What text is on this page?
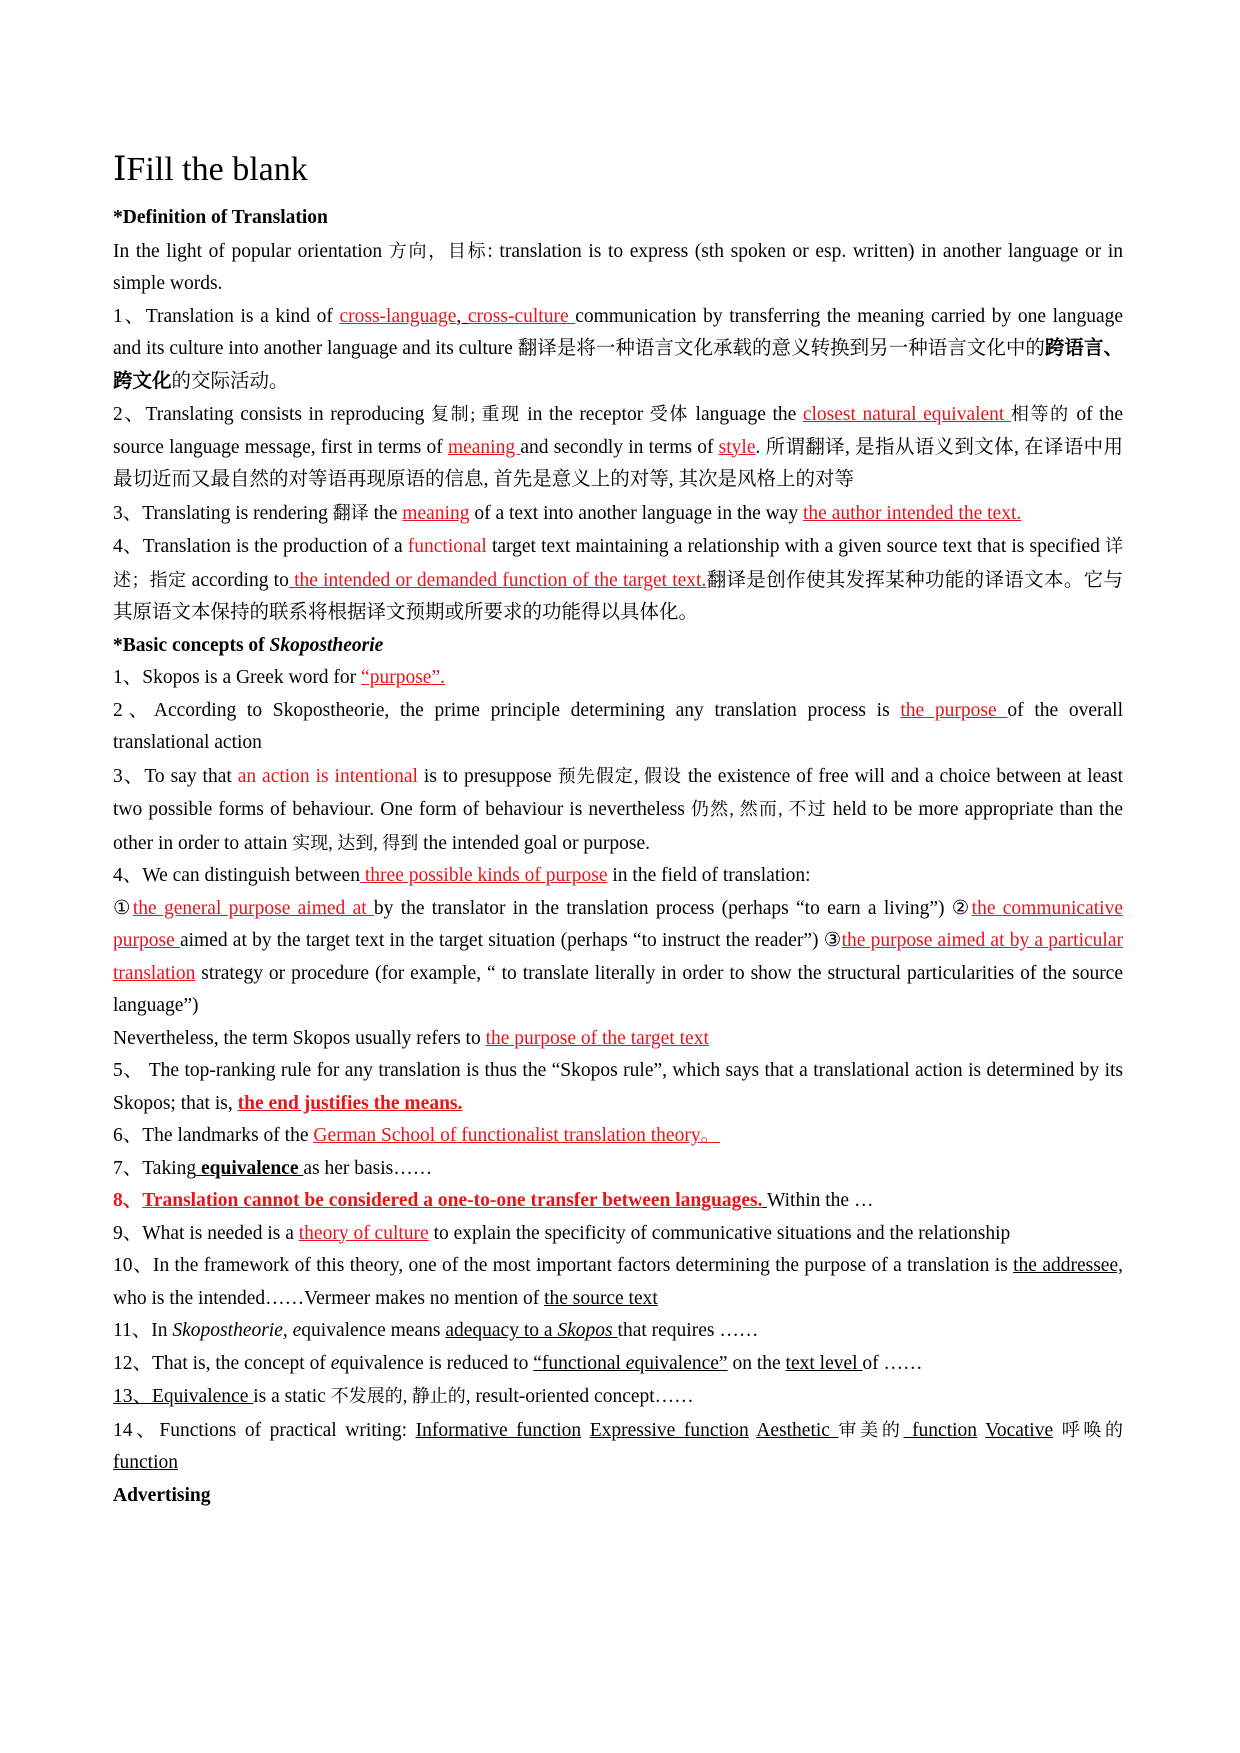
ⅠFill the blank

*Definition of Translation

In the light of popular orientation 方向，目标: translation is to express (sth spoken or esp. written) in another language or in simple words.

1、Translation is a kind of cross-language, cross-culture communication by transferring the meaning carried by one language and its culture into another language and its culture 翻译是将一种语言文化承载的意义转换到另一种语言文化中的跨语言、跨文化的交际活动。

2、Translating consists in reproducing 复制; 重现 in the receptor 受体 language the closest natural equivalent 相等的 of the source language message, first in terms of meaning and secondly in terms of style. 所谓翻译, 是指从语义到文体, 在译语中用最切近而又最自然的对等语再现原语的信息, 首先是意义上的对等, 其次是风格上的对等

3、Translating is rendering 翻译 the meaning of a text into another language in the way the author intended the text.

4、Translation is the production of a functional target text maintaining a relationship with a given source text that is specified 详述；指定 according to the intended or demanded function of the target text.翻译是创作使其发挥某种功能的译语文本。它与其原语文本保持的联系将根据译文预期或所要求的功能得以具体化。

*Basic concepts of Skopostheorie

1、Skopos is a Greek word for “purpose”.

2、According to Skopostheorie, the prime principle determining any translation process is the purpose of the overall translational action

3、To say that an action is intentional is to presuppose 预先假定, 假设 the existence of free will and a choice between at least two possible forms of behaviour. One form of behaviour is nevertheless 仍然, 然而, 不过 held to be more appropriate than the other in order to attain 实现, 达到, 得到 the intended goal or purpose.

4、We can distinguish between three possible kinds of purpose in the field of translation:

①the general purpose aimed at by the translator in the translation process (perhaps “to earn a living”) ②the communicative purpose aimed at by the target text in the target situation (perhaps “to instruct the reader”) ③the purpose aimed at by a particular translation strategy or procedure (for example, “ to translate literally in order to show the structural particularities of the source language”)

Nevertheless, the term Skopos usually refers to the purpose of the target text

5、 The top-ranking rule for any translation is thus the “Skopos rule”, which says that a translational action is determined by its Skopos; that is, the end justifies the means.

6、The landmarks of the German School of functionalist translation theory。

7、Taking equivalence as her basis……

8、Translation cannot be considered a one-to-one transfer between languages. Within the …

9、What is needed is a theory of culture to explain the specificity of communicative situations and the relationship

10、In the framework of this theory, one of the most important factors determining the purpose of a translation is the addressee, who is the intended……Vermeer makes no mention of the source text

11、In Skopostheorie, equivalence means adequacy to a Skopos that requires ……

12、That is, the concept of equivalence is reduced to “functional equivalence” on the text level of ……

13、Equivalence is a static 不发展的, 静止的, result-oriented concept……

14、Functions of practical writing: Informative function Expressive function Aesthetic 审美的 function Vocative 呼唤的 function

Advertising
